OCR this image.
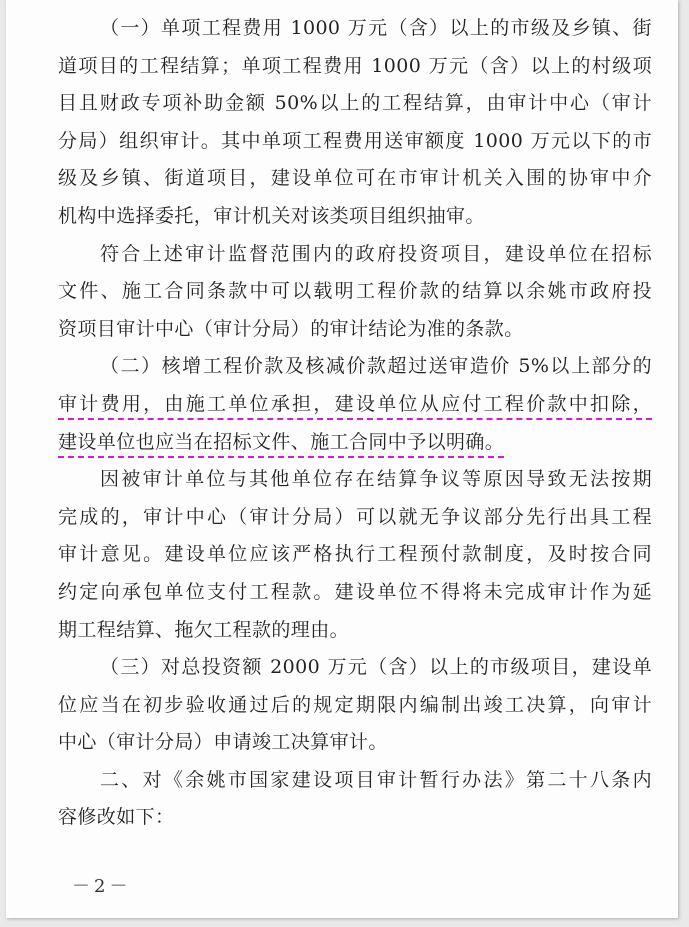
（一）单项工程费用 1000 万元（含）以上的市级及乡镇、街
道项目的工程结算；单项工程费用 1000 万元（含）以上的村级项
目且财政专项补助金额 50%以上的工程结算，由审计中心（审计
分局）组织审计。其中单项工程费用送审额度 1000 万元以下的市
级及乡镇、街道项目，建设单位可在市审计机关入围的协审中介
机构中选择委托，审计机关对该类项目组织抽审。
符合上述审计监督范围内的政府投资项目，建设单位在招标
文件、施工合同条款中可以载明工程价款的结算以余姚市政府投
资项目审计中心（审计分局）的审计结论为准的条款。
（二）核增工程价款及核减价款超过送审造价 5%以上部分的
审计费用，由施工单位承担，建设单位从应付工程价款中扣除，
建设单位也应当在招标文件、施工合同中予以明确。
因被审计单位与其他单位存在结算争议等原因导致无法按期
完成的，审计中心（审计分局）可以就无争议部分先行出具工程
审计意见。建设单位应该严格执行工程预付款制度，及时按合同
约定向承包单位支付工程款。建设单位不得将未完成审计作为延
期工程结算、拖欠工程款的理由。
（三）对总投资额 2000 万元（含）以上的市级项目，建设单
位应当在初步验收通过后的规定期限内编制出竣工决算，向审计
中心（审计分局）申请竣工决算审计。
二、对《余姚市国家建设项目审计暂行办法》第二十八条内
容修改如下：
－2－
